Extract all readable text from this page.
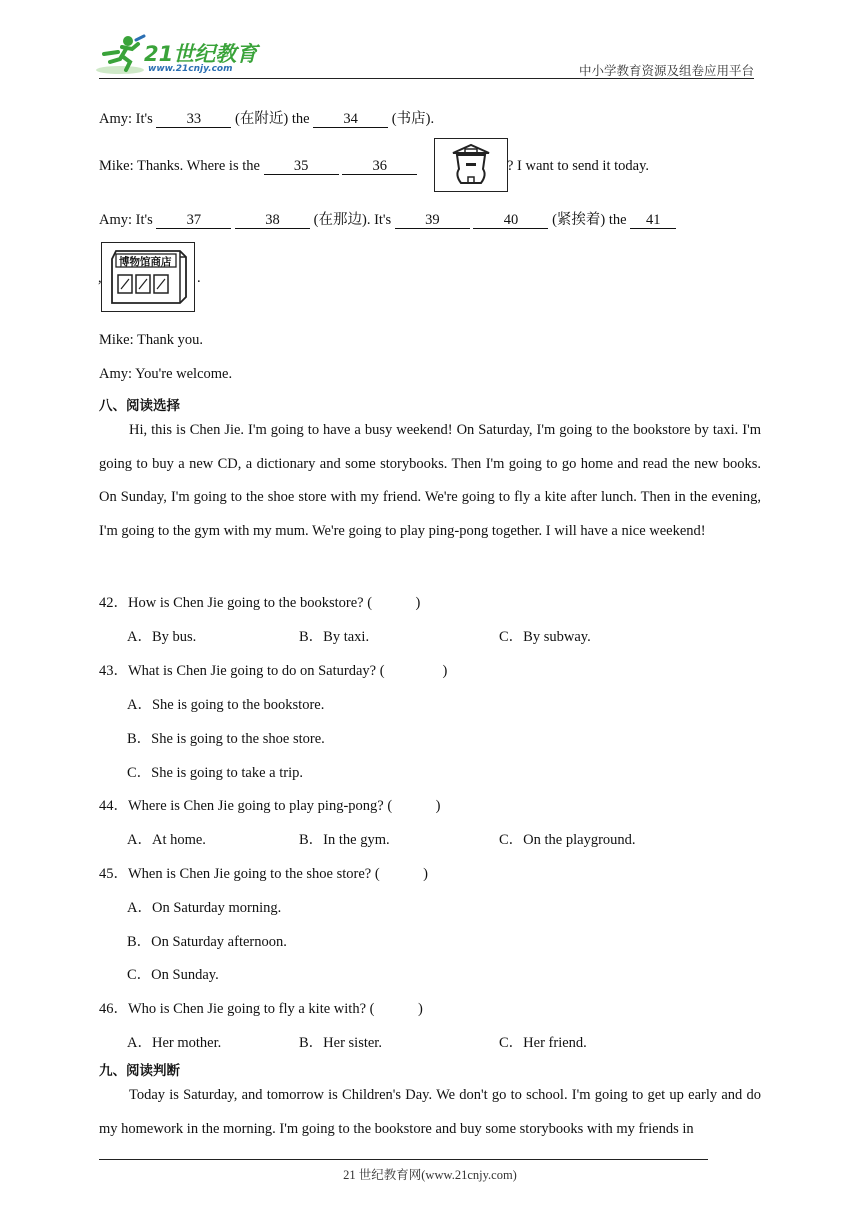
21世纪教育
www.21cnjy.com	中小学教育资源及组卷应用平台
Amy: It's 33 (在附近) the 34 (书店).
Mike: Thanks. Where is the 35	36	? I want to send it today.
Amy: It's 37	38 (在那边). It's 39	40 (紧挨着) the 41
,
博物馆商店
.
Mike: Thank you.
Amy: You're welcome.
八、阅读选择
Hi, this is Chen Jie. I'm going to have a busy weekend! On Saturday, I'm going to the bookstore by taxi. I'm going to buy a new CD, a dictionary and some storybooks. Then I'm going to go home and read the new books. On Sunday, I'm going to the shoe store with my friend. We're going to fly a kite after lunch. Then in the evening, I'm going to the gym with my mum. We're going to play ping-pong together. I will have a nice weekend!
42．How is Chen Jie going to the bookstore? (　　　)
A．By bus.	B．By taxi.	C．By subway.
43．What is Chen Jie going to do on Saturday? (　　　　)
A．She is going to the bookstore.
B．She is going to the shoe store.
C．She is going to take a trip.
44．Where is Chen Jie going to play ping-pong? (　　　)
A．At home.	B．In the gym.	C．On the playground.
45．When is Chen Jie going to the shoe store? (　　　)
A．On Saturday morning.
B．On Saturday afternoon.
C．On Sunday.
46．Who is Chen Jie going to fly a kite with? (　　　)
A．Her mother.	B．Her sister.	C．Her friend.
九、阅读判断
Today is Saturday, and tomorrow is Children's Day. We don't go to school. I'm going to get up early and do my homework in the morning. I'm going to the bookstore and buy some storybooks with my friends in
21 世纪教育网(www.21cnjy.com)
